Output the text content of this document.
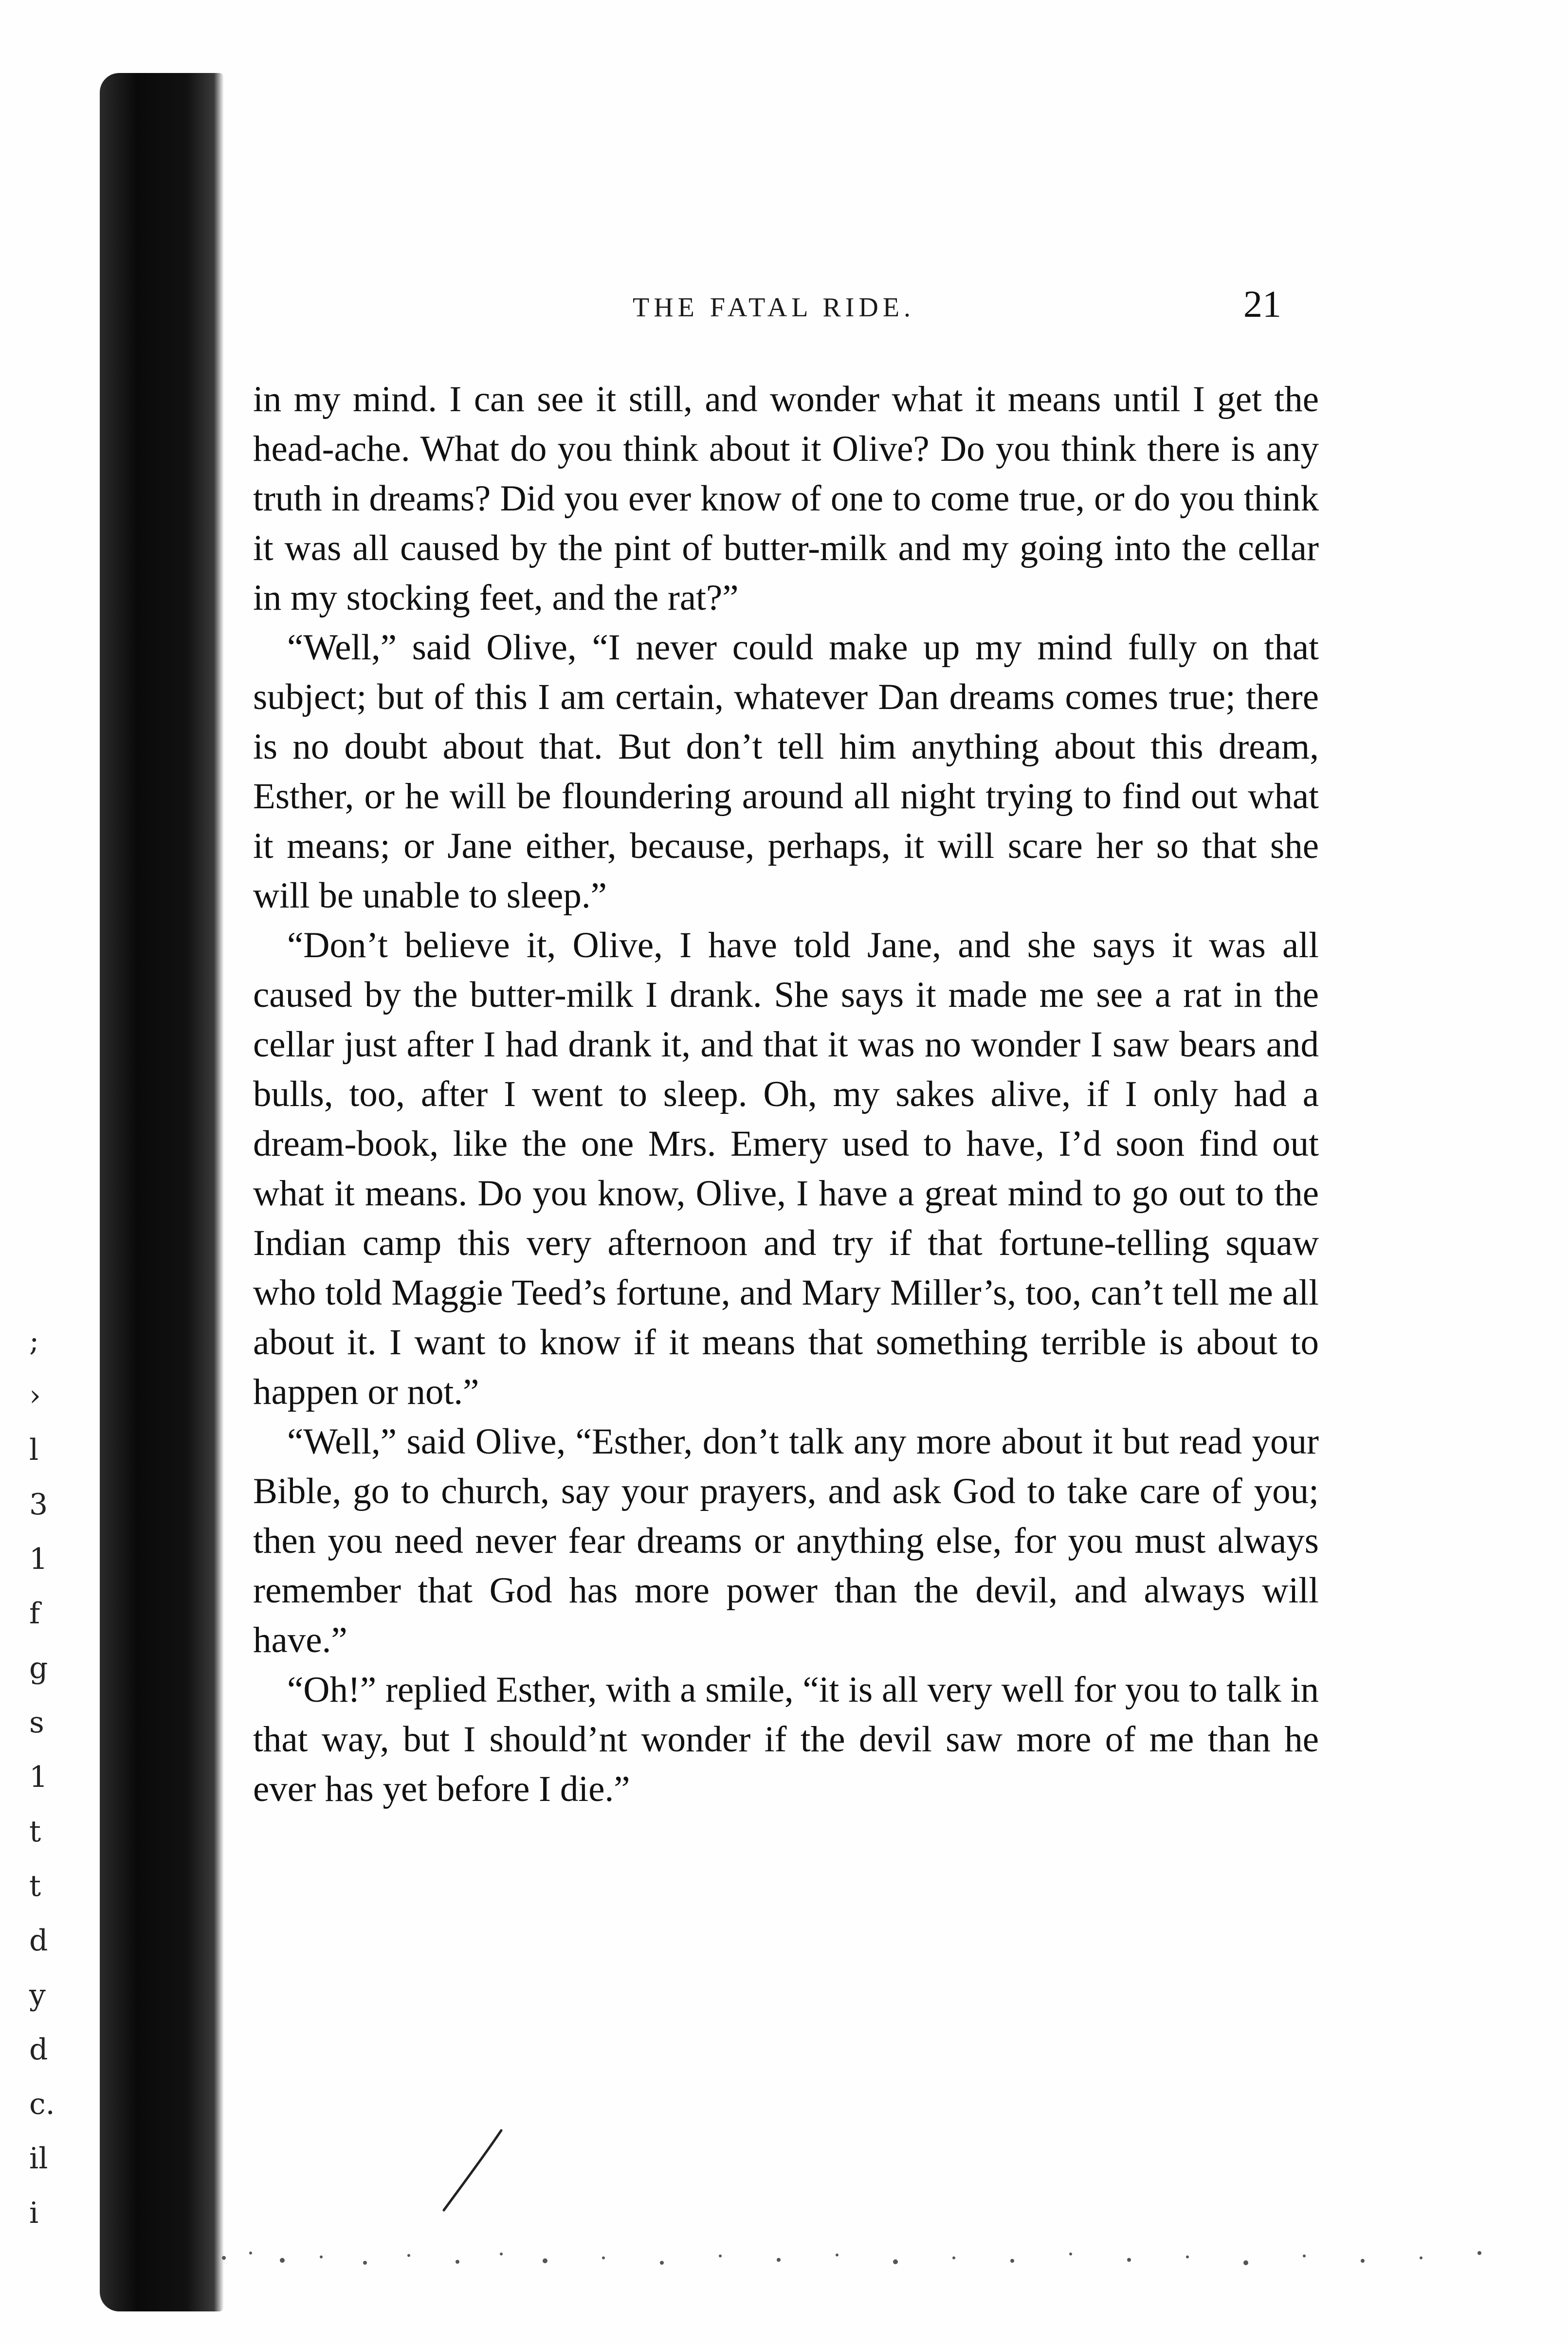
;
›
l
3
1
f
g
s
1
t
t
d
y
d
c.
il
i
THE FATAL RIDE.	21

in my mind. I can see it still, and wonder what it means until I get the head-ache. What do you think about it Olive? Do you think there is any truth in dreams? Did you ever know of one to come true, or do you think it was all caused by the pint of butter-milk and my going into the cellar in my stocking feet, and the rat?”

“Well,” said Olive, “I never could make up my mind fully on that subject; but of this I am certain, whatever Dan dreams comes true; there is no doubt about that. But don’t tell him anything about this dream, Esther, or he will be floundering around all night trying to find out what it means; or Jane either, because, perhaps, it will scare her so that she will be unable to sleep.”

“Don’t believe it, Olive, I have told Jane, and she says it was all caused by the butter-milk I drank. She says it made me see a rat in the cellar just after I had drank it, and that it was no wonder I saw bears and bulls, too, after I went to sleep. Oh, my sakes alive, if I only had a dream-book, like the one Mrs. Emery used to have, I’d soon find out what it means. Do you know, Olive, I have a great mind to go out to the Indian camp this very afternoon and try if that fortune-telling squaw who told Maggie Teed’s fortune, and Mary Miller’s, too, can’t tell me all about it. I want to know if it means that something terrible is about to happen or not.”

“Well,” said Olive, “Esther, don’t talk any more about it but read your Bible, go to church, say your prayers, and ask God to take care of you; then you need never fear dreams or anything else, for you must always remember that God has more power than the devil, and always will have.”

“Oh!” replied Esther, with a smile, “it is all very well for you to talk in that way, but I should’nt wonder if the devil saw more of me than he ever has yet before I die.”
